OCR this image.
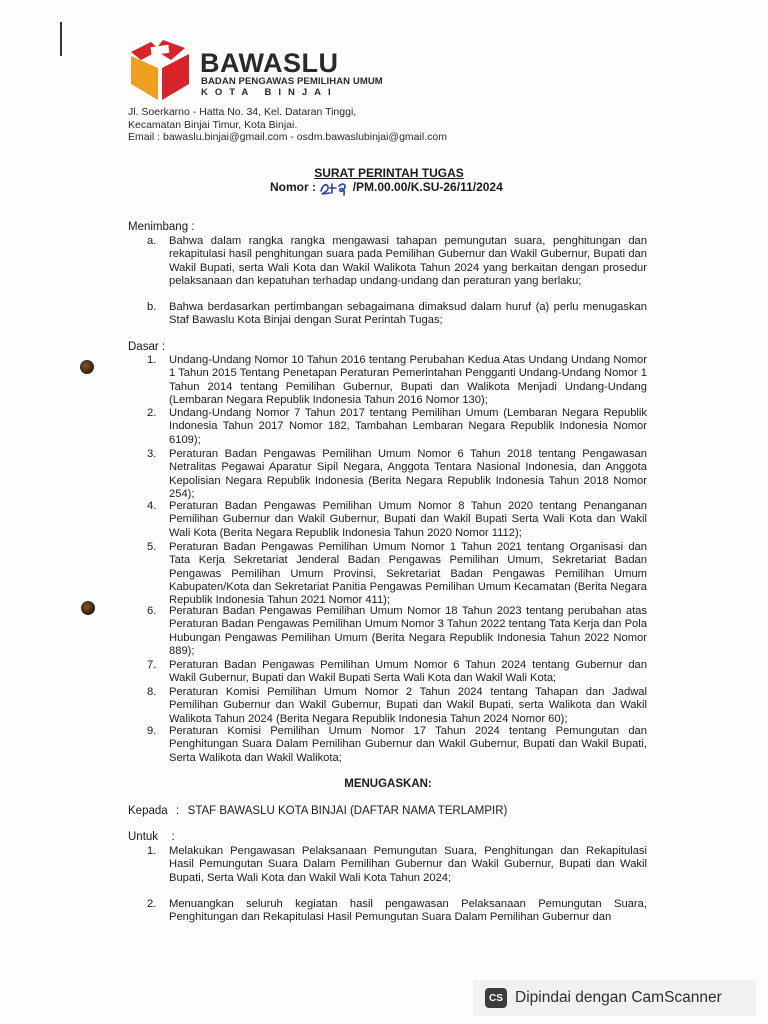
BAWASLU
BADAN PENGAWAS PEMILIHAN UMUM
KOTA BINJAI
Jl. Soerkarno - Hatta No. 34, Kel. Dataran Tinggi,
Kecamatan Binjai Timur, Kota Binjai.
Email : bawaslu.binjai@gmail.com - osdm.bawaslubinjai@gmail.com
SURAT PERINTAH TUGAS
Nomor :	/PM.00.00/K.SU-26/11/2024
Menimbang :
a. Bahwa dalam rangka rangka mengawasi tahapan pemungutan suara, penghitungan dan rekapitulasi hasil penghitungan suara pada Pemilihan Gubernur dan Wakil Gubernur, Bupati dan Wakil Bupati, serta Wali Kota dan Wakil Walikota Tahun 2024 yang berkaitan dengan prosedur pelaksanaan dan kepatuhan terhadap undang-undang dan peraturan yang berlaku;
b. Bahwa berdasarkan pertimbangan sebagaimana dimaksud dalam huruf (a) perlu menugaskan Staf Bawaslu Kota Binjai dengan Surat Perintah Tugas;
Dasar :
1. Undang-Undang Nomor 10 Tahun 2016 tentang Perubahan Kedua Atas Undang Undang Nomor 1 Tahun 2015 Tentang Penetapan Peraturan Pemerintahan Pengganti Undang-Undang Nomor 1 Tahun 2014 tentang Pemilihan Gubernur, Bupati dan Walikota Menjadi Undang-Undang (Lembaran Negara Republik Indonesia Tahun 2016 Nomor 130);
2. Undang-Undang Nomor 7 Tahun 2017 tentang Pemilihan Umum (Lembaran Negara Republik Indonesia Tahun 2017 Nomor 182, Tambahan Lembaran Negara Republik Indonesia Nomor 6109);
3. Peraturan Badan Pengawas Pemilihan Umum Nomor 6 Tahun 2018 tentang Pengawasan Netralitas Pegawai Aparatur Sipil Negara, Anggota Tentara Nasional Indonesia, dan Anggota Kepolisian Negara Republik Indonesia (Berita Negara Republik Indonesia Tahun 2018 Nomor 254);
4. Peraturan Badan Pengawas Pemilihan Umum Nomor 8 Tahun 2020 tentang Penanganan Pemilihan Gubernur dan Wakil Gubernur, Bupati dan Wakil Bupati Serta Wali Kota dan Wakil Wali Kota (Berita Negara Republik Indonesia Tahun 2020 Nomor 1112);
5. Peraturan Badan Pengawas Pemilihan Umum Nomor 1 Tahun 2021 tentang Organisasi dan Tata Kerja Sekretariat Jenderal Badan Pengawas Pemilihan Umum, Sekretariat Badan Pengawas Pemilihan Umum Provinsi, Sekretariat Badan Pengawas Pemilihan Umum Kabupaten/Kota dan Sekretariat Panitia Pengawas Pemilihan Umum Kecamatan (Berita Negara Republik Indonesia Tahun 2021 Nomor 411);
6. Peraturan Badan Pengawas Pemilihan Umum Nomor 18 Tahun 2023 tentang perubahan atas Peraturan Badan Pengawas Pemilihan Umum Nomor 3 Tahun 2022 tentang Tata Kerja dan Pola Hubungan Pengawas Pemilihan Umum (Berita Negara Republik Indonesia Tahun 2022 Nomor 889);
7. Peraturan Badan Pengawas Pemilihan Umum Nomor 6 Tahun 2024 tentang Gubernur dan Wakil Gubernur, Bupati dan Wakil Bupati Serta Wali Kota dan Wakil Wali Kota;
8. Peraturan Komisi Pemilihan Umum Nomor 2 Tahun 2024 tentang Tahapan dan Jadwal Pemilihan Gubernur dan Wakil Gubernur, Bupati dan Wakil Bupati, serta Walikota dan Wakil Walikota Tahun 2024 (Berita Negara Republik Indonesia Tahun 2024 Nomor 60);
9. Peraturan Komisi Pemilihan Umum Nomor 17 Tahun 2024 tentang Pemungutan dan Penghitungan Suara Dalam Pemilihan Gubernur dan Wakil Gubernur, Bupati dan Wakil Bupati, Serta Walikota dan Wakil Walikota;
MENUGASKAN:
Kepada : STAF BAWASLU KOTA BINJAI (DAFTAR NAMA TERLAMPIR)
Untuk :
1. Melakukan Pengawasan Pelaksanaan Pemungutan Suara, Penghitungan dan Rekapitulasi Hasil Pemungutan Suara Dalam Pemilihan Gubernur dan Wakil Gubernur, Bupati dan Wakil Bupati, Serta Wali Kota dan Wakil Wali Kota Tahun 2024;
2. Menuangkan seluruh kegiatan hasil pengawasan Pelaksanaan Pemungutan Suara, Penghitungan dan Rekapitulasi Hasil Pemungutan Suara Dalam Pemilihan Gubernur dan
CS Dipindai dengan CamScanner
